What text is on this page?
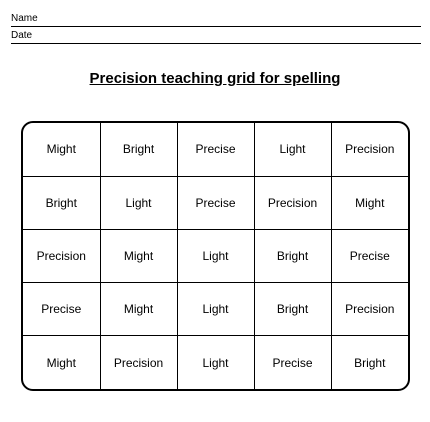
Name
Date
Precision teaching grid for spelling
Might	Bright	Precise	Light	Precision
Bright	Light	Precise	Precision	Might
Precision	Might	Light	Bright	Precise
Precise	Might	Light	Bright	Precision
Might	Precision	Light	Precise	Bright
